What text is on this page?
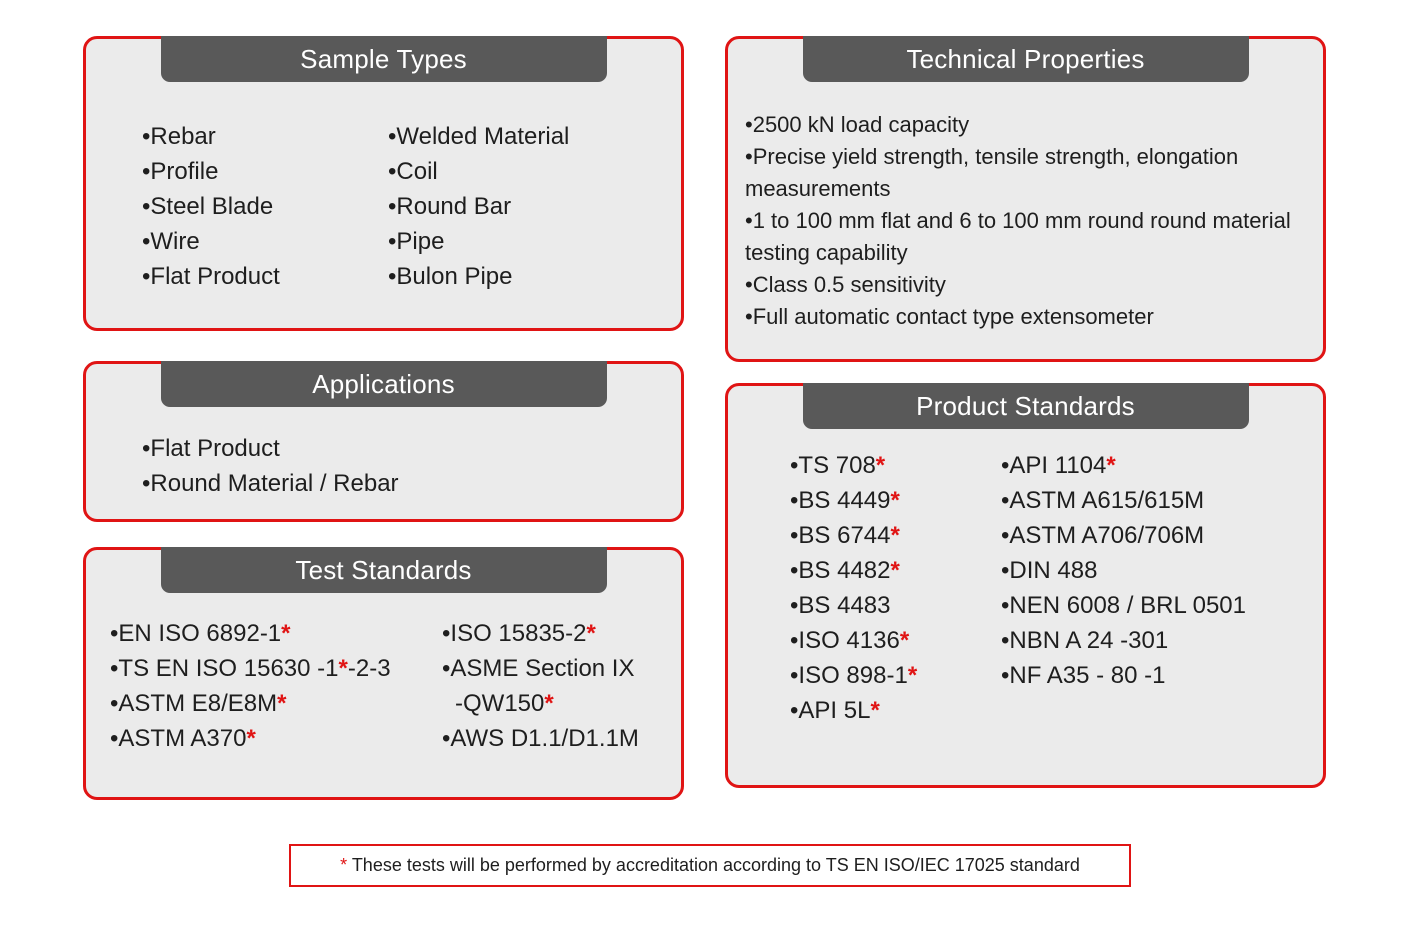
Sample Types
• Rebar
• Profile
• Steel Blade
• Wire
• Flat Product
• Welded Material
• Coil
• Round Bar
• Pipe
• Bulon Pipe
Applications
• Flat Product
• Round Material / Rebar
Test Standards
• EN ISO 6892-1*
• TS EN ISO 15630 -1*-2-3
• ASTM E8/E8M*
• ASTM A370*
• ISO 15835-2*
• ASME Section IX
-QW150*
• AWS D1.1/D1.1M
Technical Properties
• 2500 kN load capacity
• Precise yield strength, tensile strength, elongation measurements
• 1 to 100 mm flat and 6 to 100 mm round round material testing capability
• Class 0.5 sensitivity
• Full automatic contact type extensometer
Product Standards
• TS 708*
• BS 4449*
• BS 6744*
• BS 4482*
• BS 4483
• ISO 4136*
• ISO 898-1*
• API 5L*
• API 1104*
• ASTM A615/615M
• ASTM A706/706M
• DIN 488
• NEN 6008 / BRL 0501
• NBN A 24 -301
• NF A35 - 80 -1
* These tests will be performed by accreditation according to TS EN ISO/IEC 17025 standard
